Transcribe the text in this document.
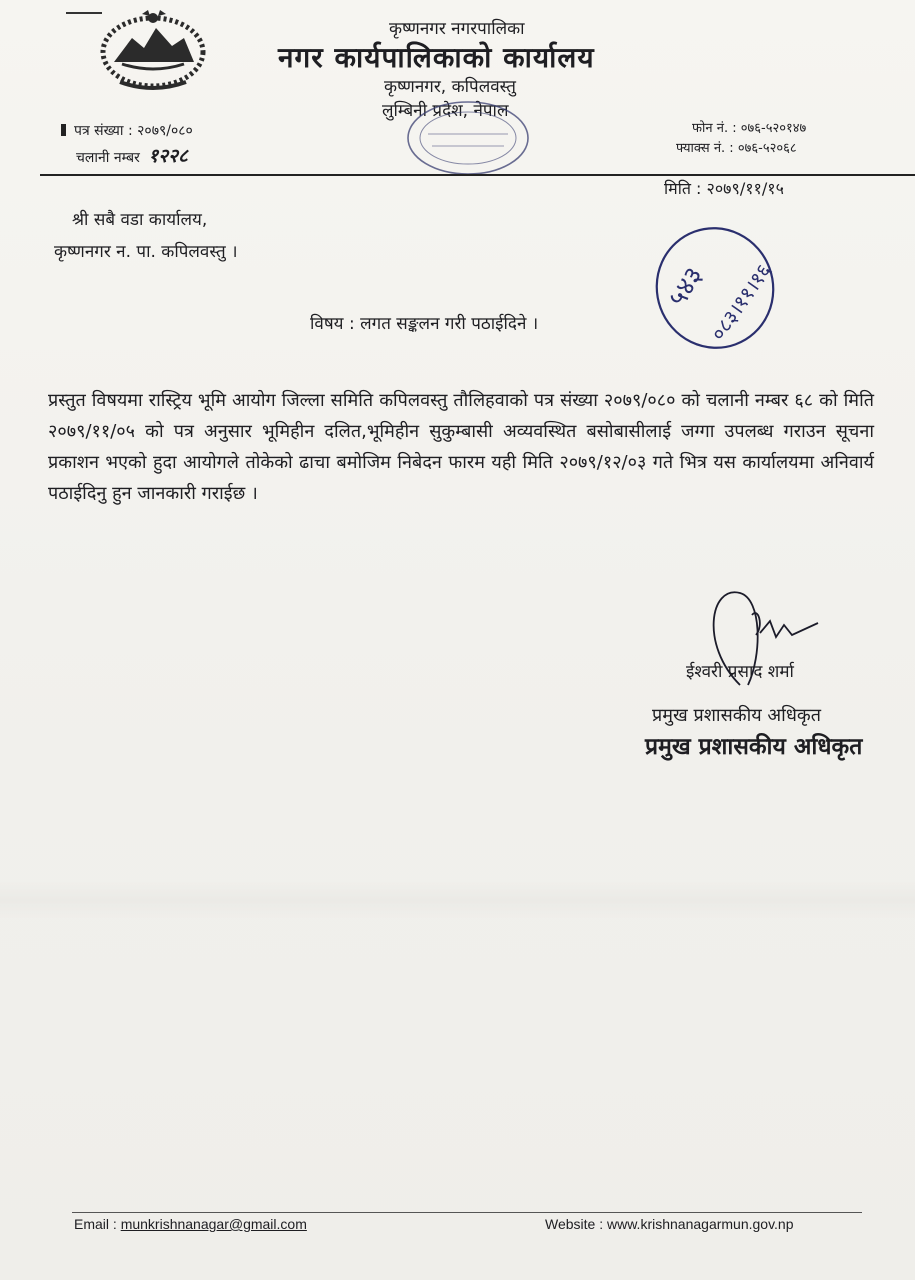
कृष्णनगर नगरपालिका
नगर कार्यपालिकाको कार्यालय
कृष्णनगर, कपिलवस्तु
लुम्बिनी प्रदेश, नेपाल
पत्र संख्या : २०७९/०८०
चलानी नम्बर १२२८
फोन नं. : ०७६-५२०१४७
फ्याक्स नं. : ०७६-५२०६८
मिति : २०७९/११/१५
श्री सबै वडा कार्यालय,
कृष्णनगर न. पा. कपिलवस्तु ।
५४३
०८३।११।१६
विषय : लगत सङ्कलन गरी पठाईदिने ।
प्रस्तुत विषयमा रास्ट्रिय भूमि आयोग जिल्ला समिति कपिलवस्तु तौलिहवाको पत्र संख्या २०७९/०८० को चलानी नम्बर ६८ को मिति २०७९/११/०५ को पत्र अनुसार भूमिहीन दलित,भूमिहीन सुकुम्बासी अव्यवस्थित बसोबासीलाई जग्गा उपलब्ध गराउन सूचना प्रकाशन भएको हुदा आयोगले तोकेको ढाचा बमोजिम निबेदन फारम यही मिति २०७९/१२/०३ गते भित्र यस कार्यालयमा अनिवार्य पठाईदिनु हुन जानकारी गराईछ ।
ईश्वरी प्रसाद शर्मा
प्रमुख प्रशासकीय अधिकृत
प्रमुख प्रशासकीय अधिकृत
Email : munkrishnanagar@gmail.com	Website : www.krishnanagarmun.gov.np
